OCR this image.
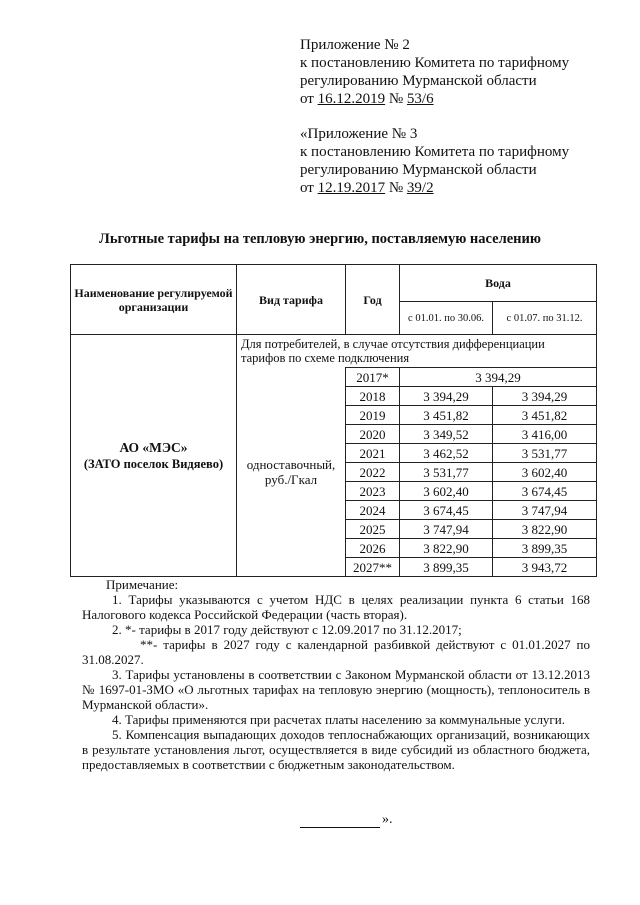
Приложение № 2
к постановлению Комитета по тарифному
регулированию Мурманской области
от 16.12.2019 № 53/6
«Приложение № 3
к постановлению Комитета по тарифному
регулированию Мурманской области
от 12.19.2017 № 39/2
Льготные тарифы на тепловую энергию, поставляемую населению
Наименование регулируемой организации	Вид тарифа	Год	Вода	
			с 01.01. по 30.06.	с 01.07. по 31.12.

АО «МЭС»
(ЗАТО поселок Видяево)	Для потребителей, в случае отсутствия дифференциации тарифов по схеме подключения			
	одноставочный, руб./Гкал	2017*	3 394,29	
		2018	3 394,29	3 394,29
		2019	3 451,82	3 451,82
		2020	3 349,52	3 416,00
		2021	3 462,52	3 531,77
		2022	3 531,77	3 602,40
		2023	3 602,40	3 674,45
		2024	3 674,45	3 747,94
		2025	3 747,94	3 822,90
		2026	3 822,90	3 899,35
		2027**	3 899,35	3 943,72

Примечание:

1. Тарифы указываются с учетом НДС в целях реализации пункта 6 статьи 168 Налогового кодекса Российской Федерации (часть вторая).

2. *- тарифы в 2017 году действуют с 12.09.2017 по 31.12.2017;

**- тарифы в 2027 году с календарной разбивкой действуют с 01.01.2027 по 31.08.2027.

3. Тарифы установлены в соответствии с Законом Мурманской области от 13.12.2013 № 1697-01-ЗМО «О льготных тарифах на тепловую энергию (мощность), теплоноситель в Мурманской области».

4. Тарифы применяются при расчетах платы населению за коммунальные услуги.

5. Компенсация выпадающих доходов теплоснабжающих организаций, возникающих в результате установления льгот, осуществляется в виде субсидий из областного бюджета, предоставляемых в соответствии с бюджетным законодательством.

».
